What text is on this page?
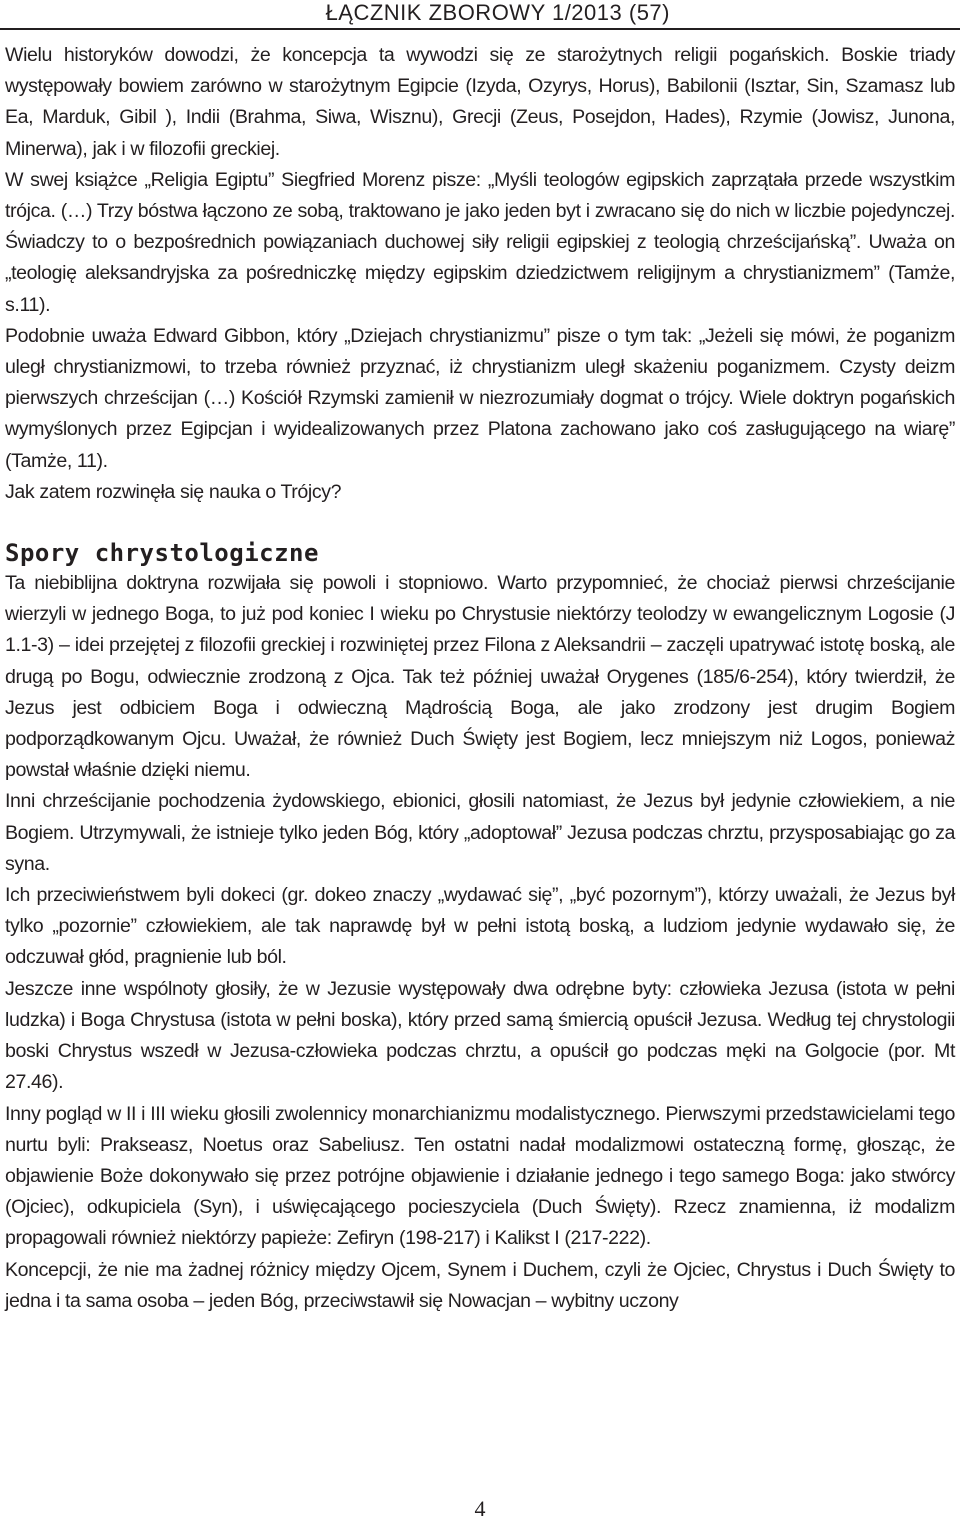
ŁĄCZNIK ZBOROWY 1/2013 (57)

Wielu historyków dowodzi, że koncepcja ta wywodzi się ze starożytnych religii pogańskich. Boskie triady występowały bowiem zarówno w starożytnym Egipcie (Izyda, Ozyrys, Horus), Babilonii (Isztar, Sin, Szamasz lub Ea, Marduk, Gibil ), Indii (Brahma, Siwa, Wisznu), Grecji (Zeus, Posejdon, Hades), Rzymie (Jowisz, Junona, Minerwa), jak i w filozofii greckiej.

W swej książce „Religia Egiptu” Siegfried Morenz pisze: „Myśli teologów egipskich zaprzątała przede wszystkim trójca. (…) Trzy bóstwa łączono ze sobą, traktowano je jako jeden byt i zwracano się do nich w liczbie pojedynczej. Świadczy to o bezpośrednich powiązaniach duchowej siły religii egipskiej z teologią chrześcijańską”. Uważa on „teologię aleksandryjska za pośredniczkę między egipskim dziedzictwem religijnym a chrystianizmem” (Tamże, s.11).

Podobnie uważa Edward Gibbon, który „Dziejach chrystianizmu” pisze o tym tak: „Jeżeli się mówi, że poganizm uległ chrystianizmowi, to trzeba również przyznać, iż chrystianizm uległ skażeniu poganizmem. Czysty deizm pierwszych chrześcijan (…) Kościół Rzymski zamienił w niezrozumiały dogmat o trójcy. Wiele doktryn pogańskich wymyślonych przez Egipcjan i wyidealizowanych przez Platona zachowano jako coś zasługującego na wiarę” (Tamże, 11).

Jak zatem rozwinęła się nauka o Trójcy?

Spory chrystologiczne

Ta niebiblijna doktryna rozwijała się powoli i stopniowo. Warto przypomnieć, że chociaż pierwsi chrześcijanie wierzyli w jednego Boga, to już pod koniec I wieku po Chrystusie niektórzy teolodzy w ewangelicznym Logosie (J 1.1-3) – idei przejętej z filozofii greckiej i rozwiniętej przez Filona z Aleksandrii – zaczęli upatrywać istotę boską, ale drugą po Bogu, odwiecznie zrodzoną z Ojca. Tak też później uważał Orygenes (185/6-254), który twierdził, że Jezus jest odbiciem Boga i odwieczną Mądrością Boga, ale jako zrodzony jest drugim Bogiem podporządkowanym Ojcu. Uważał, że również Duch Święty jest Bogiem, lecz mniejszym niż Logos, ponieważ powstał właśnie dzięki niemu.

Inni chrześcijanie pochodzenia żydowskiego, ebionici, głosili natomiast, że Jezus był jedynie człowiekiem, a nie Bogiem. Utrzymywali, że istnieje tylko jeden Bóg, który „adoptował” Jezusa podczas chrztu, przysposabiając go za syna.

Ich przeciwieństwem byli dokeci (gr. dokeo znaczy „wydawać się”, „być pozornym”), którzy uważali, że Jezus był tylko „pozornie” człowiekiem, ale tak naprawdę był w pełni istotą boską, a ludziom jedynie wydawało się, że odczuwał głód, pragnienie lub ból.

Jeszcze inne wspólnoty głosiły, że w Jezusie występowały dwa odrębne byty: człowieka Jezusa (istota w pełni ludzka) i Boga Chrystusa (istota w pełni boska), który przed samą śmiercią opuścił Jezusa. Według tej chrystologii boski Chrystus wszedł w Jezusa-człowieka podczas chrztu, a opuścił go podczas męki na Golgocie (por. Mt 27.46).

Inny pogląd w II i III wieku głosili zwolennicy monarchianizmu modalistycznego. Pierwszymi przedstawicielami tego nurtu byli: Prakseasz, Noetus oraz Sabeliusz. Ten ostatni nadał modalizmowi ostateczną formę, głosząc, że objawienie Boże dokonywało się przez potrójne objawienie i działanie jednego i tego samego Boga: jako stwórcy (Ojciec), odkupiciela (Syn), i uświęcającego pocieszyciela (Duch Święty). Rzecz znamienna, iż modalizm propagowali również niektórzy papieże: Zefiryn (198-217) i Kalikst I (217-222).

Koncepcji, że nie ma żadnej różnicy między Ojcem, Synem i Duchem, czyli że Ojciec, Chrystus i Duch Święty to jedna i ta sama osoba – jeden Bóg, przeciwstawił się Nowacjan – wybitny uczony

4
